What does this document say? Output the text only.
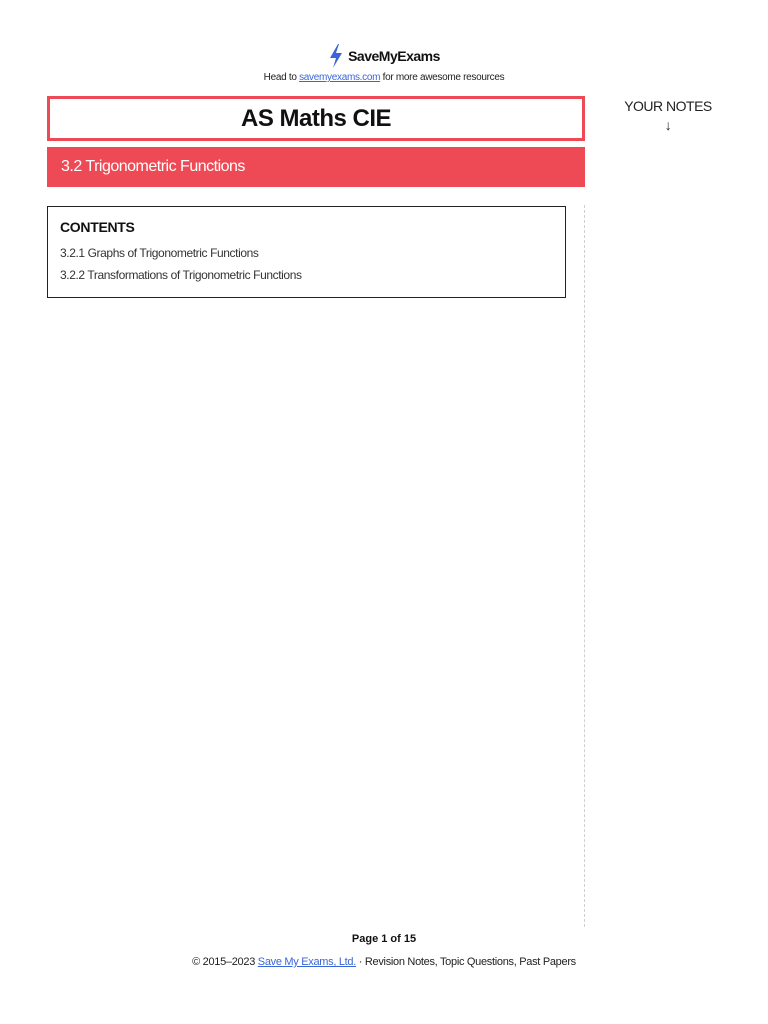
SaveMyExams
Head to savemyexams.com for more awesome resources
AS Maths CIE
3.2 Trigonometric Functions
YOUR NOTES
↓
CONTENTS
3.2.1 Graphs of Trigonometric Functions
3.2.2 Transformations of Trigonometric Functions
Page 1 of 15
© 2015–2023 Save My Exams, Ltd. · Revision Notes, Topic Questions, Past Papers
